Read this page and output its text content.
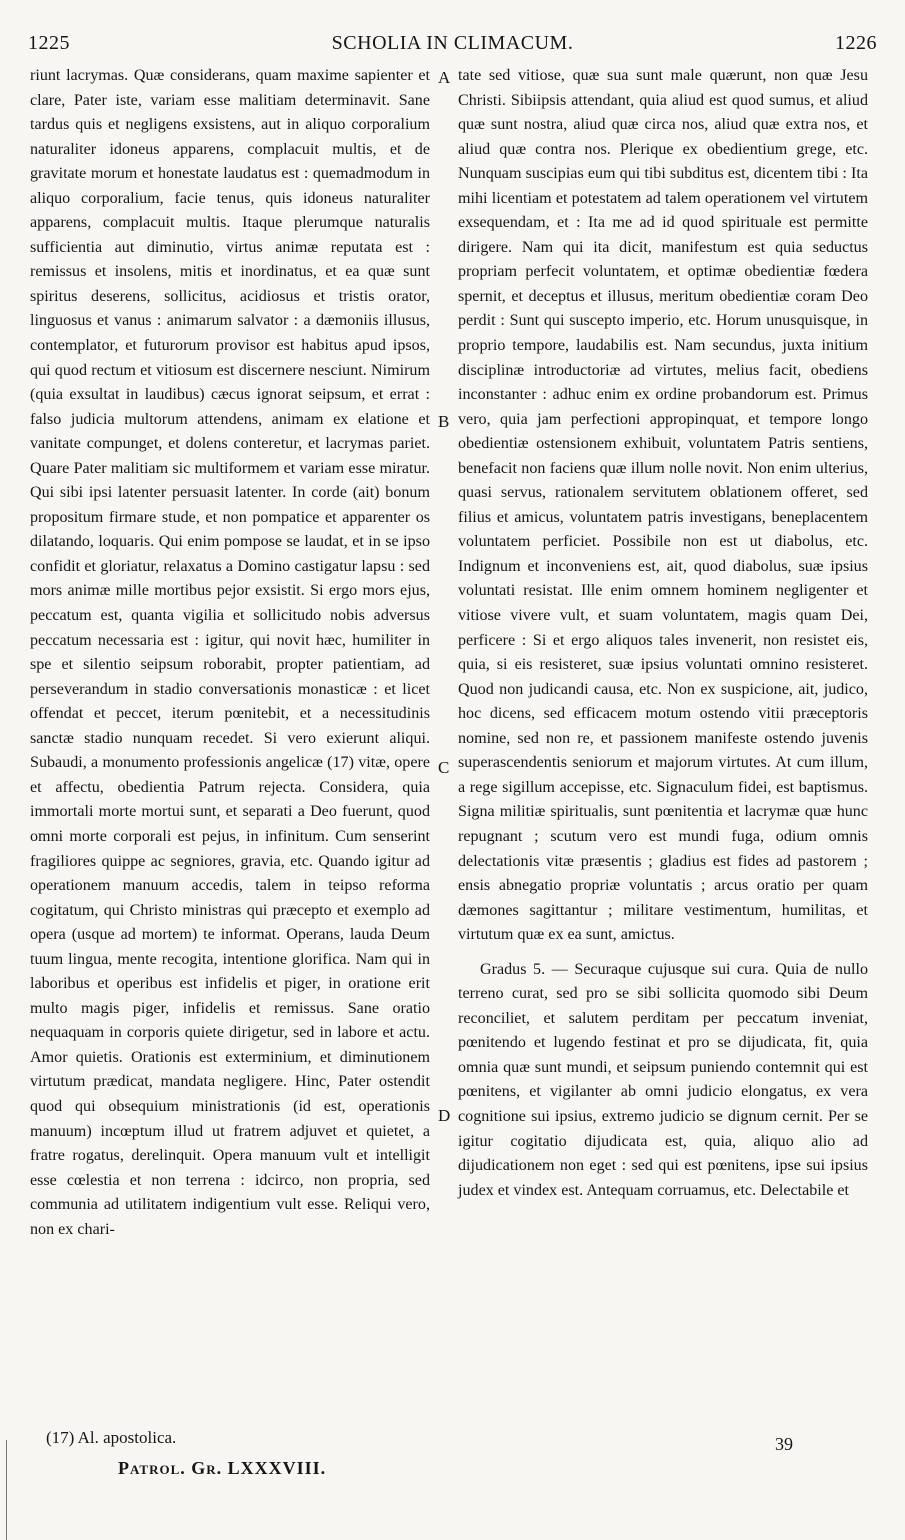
1225	SCHOLIA IN CLIMACUM.	1226

riunt lacrymas. Quæ considerans, quam maxime sapienter et clare, Pater iste, variam esse malitiam determinavit. Sane tardus quis et negligens exsistens, aut in aliquo corporalium naturaliter idoneus apparens, complacuit multis, et de gravitate morum et honestate laudatus est : quemadmodum in aliquo corporalium, facie tenus, quis idoneus naturaliter apparens, complacuit multis. Itaque plerumque naturalis sufficientia aut diminutio, virtus animæ reputata est : remissus et insolens, mitis et inordinatus, et ea quæ sunt spiritus deserens, sollicitus, acidiosus et tristis orator, linguosus et vanus : animarum salvator : a dæmoniis illusus, contemplator, et futurorum provisor est habitus apud ipsos, qui quod rectum et vitiosum est discernere nesciunt. Nimirum (quia exsultat in laudibus) cæcus ignorat seipsum, et errat : falso judicia multorum attendens, animam ex elatione et vanitate compunget, et dolens conteretur, et lacrymas pariet. Quare Pater malitiam sic multiformem et variam esse miratur. Qui sibi ipsi latenter persuasit latenter. In corde (ait) bonum propositum firmare stude, et non pompatice et apparenter os dilatando, loquaris. Qui enim pompose se laudat, et in se ipso confidit et gloriatur, relaxatus a Domino castigatur lapsu : sed mors animæ mille mortibus pejor exsistit. Si ergo mors ejus, peccatum est, quanta vigilia et sollicitudo nobis adversus peccatum necessaria est : igitur, qui novit hæc, humiliter in spe et silentio seipsum roborabit, propter patientiam, ad perseverandum in stadio conversationis monasticæ : et licet offendat et peccet, iterum pœnitebit, et a necessitudinis sanctæ stadio nunquam recedet. Si vero exierunt aliqui. Subaudi, a monumento professionis angelicæ (17) vitæ, opere et affectu, obedientia Patrum rejecta. Considera, quia immortali morte mortui sunt, et separati a Deo fuerunt, quod omni morte corporali est pejus, in infinitum. Cum senserint fragiliores quippe ac segniores, gravia, etc. Quando igitur ad operationem manuum accedis, talem in teipso reforma cogitatum, qui Christo ministras qui præcepto et exemplo ad opera (usque ad mortem) te informat. Operans, lauda Deum tuum lingua, mente recogita, intentione glorifica. Nam qui in laboribus et operibus est infidelis et piger, in oratione erit multo magis piger, infidelis et remissus. Sane oratio nequaquam in corporis quiete dirigetur, sed in labore et actu. Amor quietis. Orationis est exterminium, et diminutionem virtutum prædicat, mandata negligere. Hinc, Pater ostendit quod qui obsequium ministrationis (id est, operationis manuum) incœptum illud ut fratrem adjuvet et quietet, a fratre rogatus, derelinquit. Opera manuum vult et intelligit esse cœlestia et non terrena : idcirco, non propria, sed communia ad utilitatem indigentium vult esse. Reliqui vero, non ex chari-

A
B
C
D

tate sed vitiose, quæ sua sunt male quærunt, non quæ Jesu Christi. Sibiipsis attendant, quia aliud est quod sumus, et aliud quæ sunt nostra, aliud quæ circa nos, aliud quæ extra nos, et aliud quæ contra nos. Plerique ex obedientium grege, etc. Nunquam suscipias eum qui tibi subditus est, dicentem tibi : Ita mihi licentiam et potestatem ad talem operationem vel virtutem exsequendam, et : Ita me ad id quod spirituale est permitte dirigere. Nam qui ita dicit, manifestum est quia seductus propriam perfecit voluntatem, et optimæ obedientiæ fœdera spernit, et deceptus et illusus, meritum obedientiæ coram Deo perdit : Sunt qui suscepto imperio, etc. Horum unusquisque, in proprio tempore, laudabilis est. Nam secundus, juxta initium disciplinæ introductoriæ ad virtutes, melius facit, obediens inconstanter : adhuc enim ex ordine probandorum est. Primus vero, quia jam perfectioni appropinquat, et tempore longo obedientiæ ostensionem exhibuit, voluntatem Patris sentiens, benefacit non faciens quæ illum nolle novit. Non enim ulterius, quasi servus, rationalem servitutem oblationem offeret, sed filius et amicus, voluntatem patris investigans, beneplacentem voluntatem perficiet. Possibile non est ut diabolus, etc. Indignum et inconveniens est, ait, quod diabolus, suæ ipsius voluntati resistat. Ille enim omnem hominem negligenter et vitiose vivere vult, et suam voluntatem, magis quam Dei, perficere : Si et ergo aliquos tales invenerit, non resistet eis, quia, si eis resisteret, suæ ipsius voluntati omnino resisteret. Quod non judicandi causa, etc. Non ex suspicione, ait, judico, hoc dicens, sed efficacem motum ostendo vitii præceptoris nomine, sed non re, et passionem manifeste ostendo juvenis superascendentis seniorum et majorum virtutes. At cum illum, a rege sigillum accepisse, etc. Signaculum fidei, est baptismus. Signa militiæ spiritualis, sunt pœnitentia et lacrymæ quæ hunc repugnant ; scutum vero est mundi fuga, odium omnis delectationis vitæ præsentis ; gladius est fides ad pastorem ; ensis abnegatio propriæ voluntatis ; arcus oratio per quam dæmones sagittantur ; militare vestimentum, humilitas, et virtutum quæ ex ea sunt, amictus.

Gradus 5. — Securaque cujusque sui cura. Quia de nullo terreno curat, sed pro se sibi sollicita quomodo sibi Deum reconciliet, et salutem perditam per peccatum inveniat, pœnitendo et lugendo festinat et pro se dijudicata, fit, quia omnia quæ sunt mundi, et seipsum puniendo contemnit qui est pœnitens, et vigilanter ab omni judicio elongatus, ex vera cognitione sui ipsius, extremo judicio se dignum cernit. Per se igitur cogitatio dijudicata est, quia, aliquo alio ad dijudicationem non eget : sed qui est pœnitens, ipse sui ipsius judex et vindex est. Antequam corruamus, etc. Delectabile et

(17) Al. apostolica.
Patrol. Gr. LXXXVIII.
39
